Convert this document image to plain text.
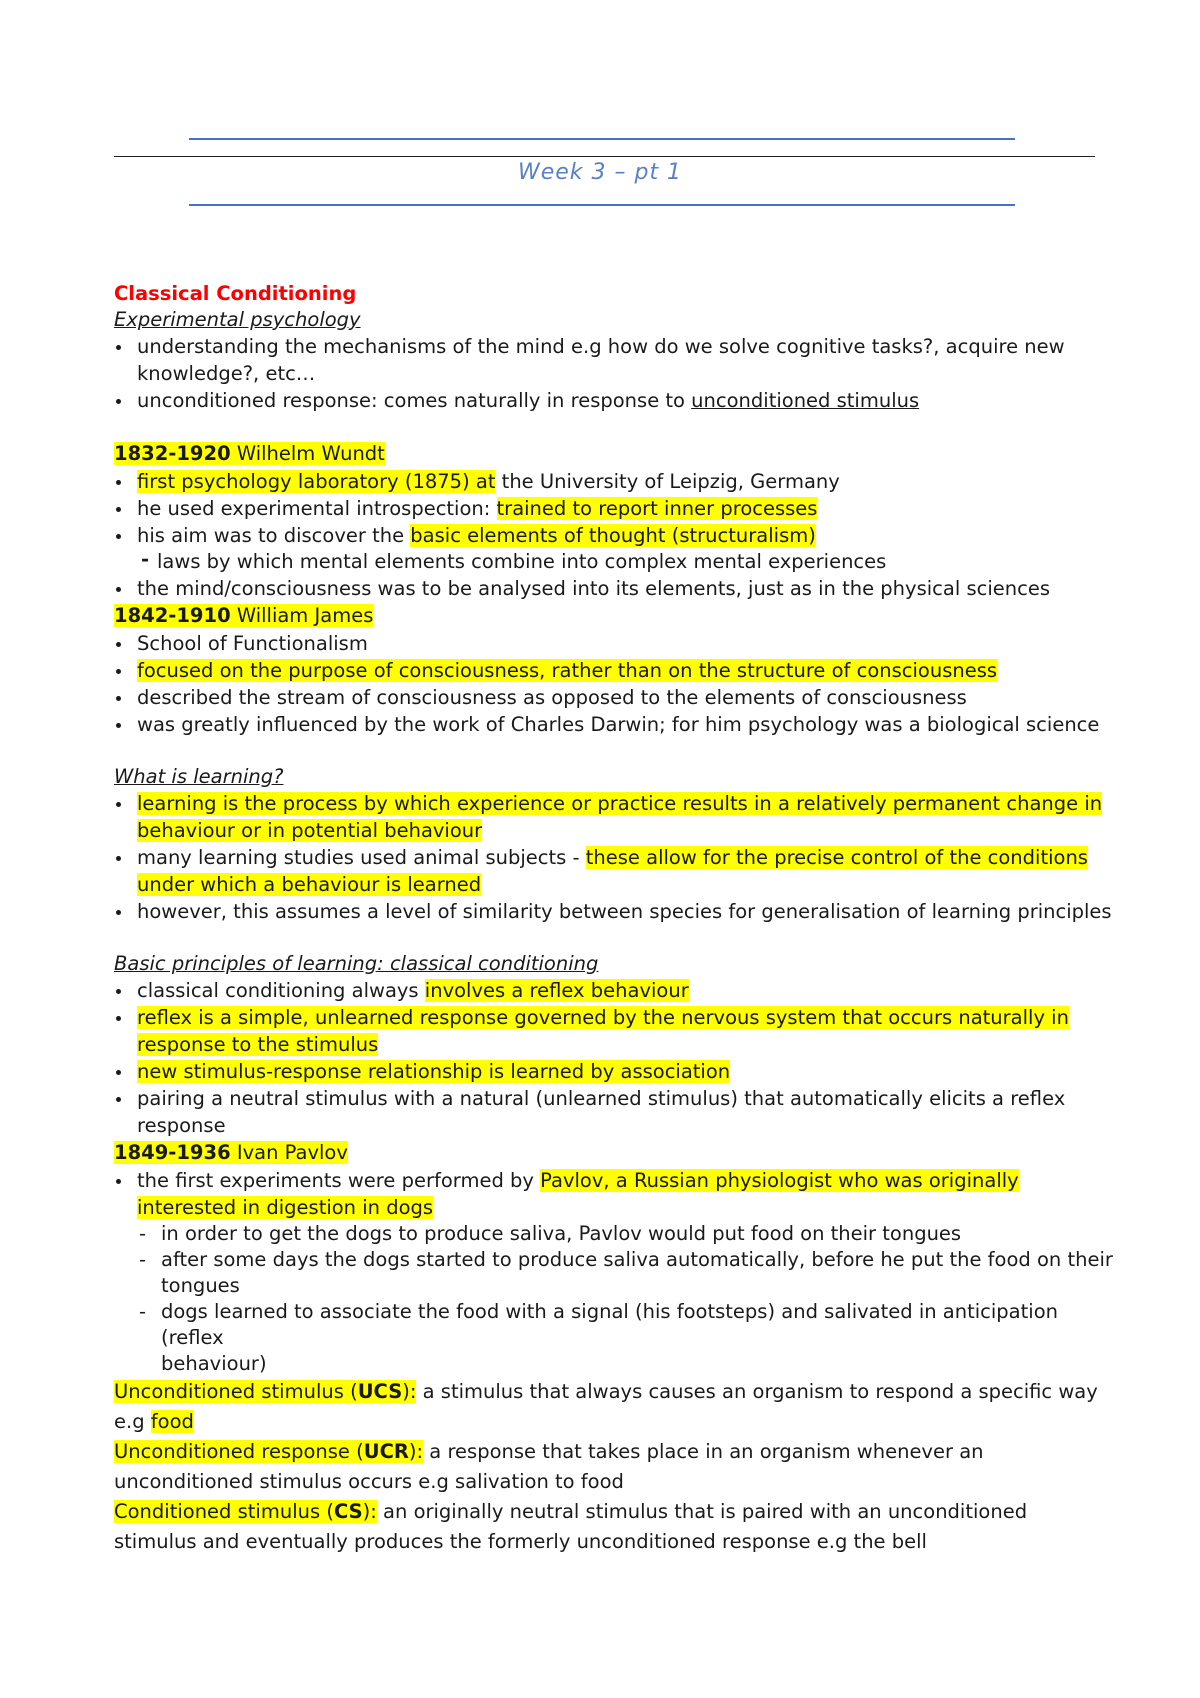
Week 3 – pt 1
Classical Conditioning
Experimental psychology
understanding the mechanisms of the mind e.g how do we solve cognitive tasks?, acquire new knowledge?, etc…
unconditioned response: comes naturally in response to unconditioned stimulus
1832-1920 Wilhelm Wundt
first psychology laboratory (1875) at the University of Leipzig, Germany
he used experimental introspection: trained to report inner processes
his aim was to discover the basic elements of thought (structuralism)
- laws by which mental elements combine into complex mental experiences
the mind/consciousness was to be analysed into its elements, just as in the physical sciences
1842-1910 William James
School of Functionalism
focused on the purpose of consciousness, rather than on the structure of consciousness
described the stream of consciousness as opposed to the elements of consciousness
was greatly influenced by the work of Charles Darwin; for him psychology was a biological science
What is learning?
learning is the process by which experience or practice results in a relatively permanent change in behaviour or in potential behaviour
many learning studies used animal subjects - these allow for the precise control of the conditions under which a behaviour is learned
however, this assumes a level of similarity between species for generalisation of learning principles
Basic principles of learning: classical conditioning
classical conditioning always involves a reflex behaviour
reflex is a simple, unlearned response governed by the nervous system that occurs naturally in response to the stimulus
new stimulus-response relationship is learned by association
pairing a neutral stimulus with a natural (unlearned stimulus) that automatically elicits a reflex response
1849-1936 Ivan Pavlov
the first experiments were performed by Pavlov, a Russian physiologist who was originally interested in digestion in dogs
- in order to get the dogs to produce saliva, Pavlov would put food on their tongues
- after some days the dogs started to produce saliva automatically, before he put the food on their tongues
- dogs learned to associate the food with a signal (his footsteps) and salivated in anticipation (reflex
behaviour)
Unconditioned stimulus (UCS): a stimulus that always causes an organism to respond a specific way e.g food
Unconditioned response (UCR): a response that takes place in an organism whenever an unconditioned stimulus occurs e.g salivation to food
Conditioned stimulus (CS): an originally neutral stimulus that is paired with an unconditioned stimulus and eventually produces the formerly unconditioned response e.g the bell
